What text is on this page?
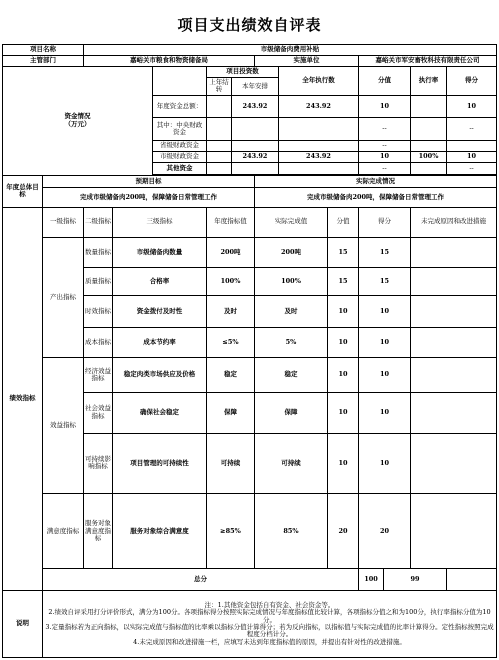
项目支出绩效自评表
项目名称		市级储备肉费用补贴											
主管部门		嘉峪关市粮食和物资储备局					实施单位			嘉峪关市军安畜牧科技有限责任公司			
资金情况
（万元）					项目投资数			全年执行数		分值		执行率	得分
					上年结转	本年安排							
				年度资金总额：		243.92		243.92		10			10
				其中：中央财政资金						--			--
				省级财政资金						--			
				市级财政资金		243.92		243.92		10		100%	10
				其他资金						--			--

年度总体目标	预期目标						实际完成情况						
	完成市级储备肉200吨，保障储备日常管理工作						完成市级储备肉200吨，保障储备日常管理工作						
绩效指标	一级指标	二级指标	三级指标		年度指标值		实际完成值		分值	得分		未完成原因和改进措施	
	产出指标	数量指标	市级储备肉数量		200吨		200吨		15	15			
		质量指标	合格率		100%		100%		15	15			
		时效指标	资金拨付及时性		及时		及时		10	10			
		成本指标	成本节约率		≤5%		5%		10	10			
	效益指标	经济效益指标	稳定肉类市场供应及价格		稳定		稳定		10	10			
		社会效益指标	确保社会稳定		保障		保障		10	10			
		可持续影响指标	项目管理的可持续性		可持续		可持续		10	10			
	满意度指标	服务对象满意度指标	服务对象综合满意度		≥85%		85%		20	20			
	总分									100	99		
说明	注：1.其他资金包括自有资金、社会资金等。
2.绩效自评采用打分评价形式，满分为100分。各项指标得分按照实际完成情况与年度指标值比较计算，各项指标分值之和为100分，执行率指标分值为10分。
3.定量指标若为正向指标，以实际完成值与指标值的比率乘以指标分值计算得分；若为反向指标，以指标值与实际完成值的比率计算得分。定性指标按照完成程度分档计分。
4.未完成原因和改进措施一栏，应填写未达到年度指标值的原因，并提出有针对性的改进措施。												
